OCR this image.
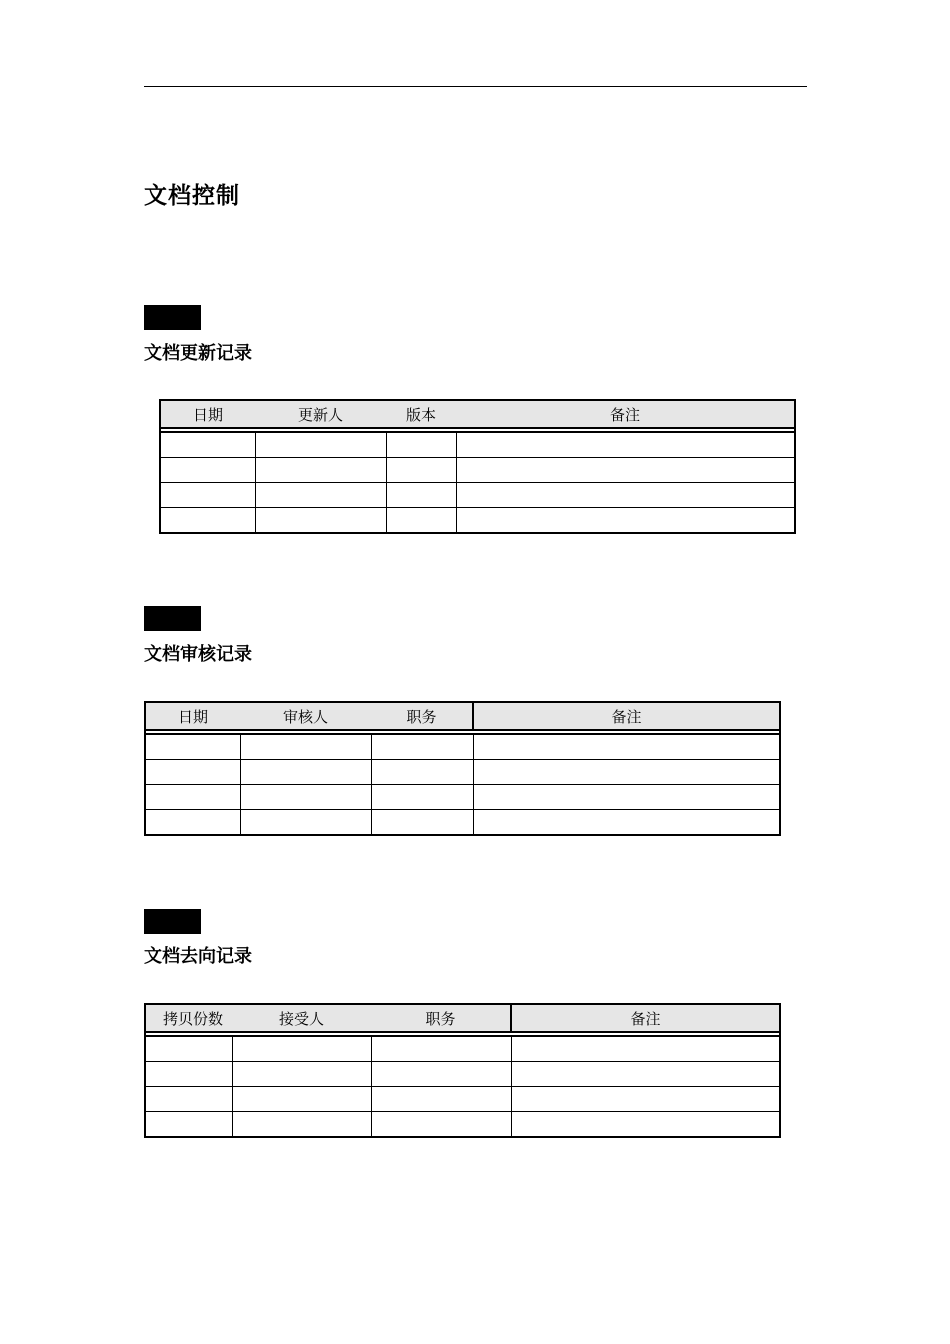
文档控制
文档更新记录
日期	更新人	版本	备注

文档审核记录
日期	审核人	职务	备注

文档去向记录
拷贝份数	接受人	职务	备注
